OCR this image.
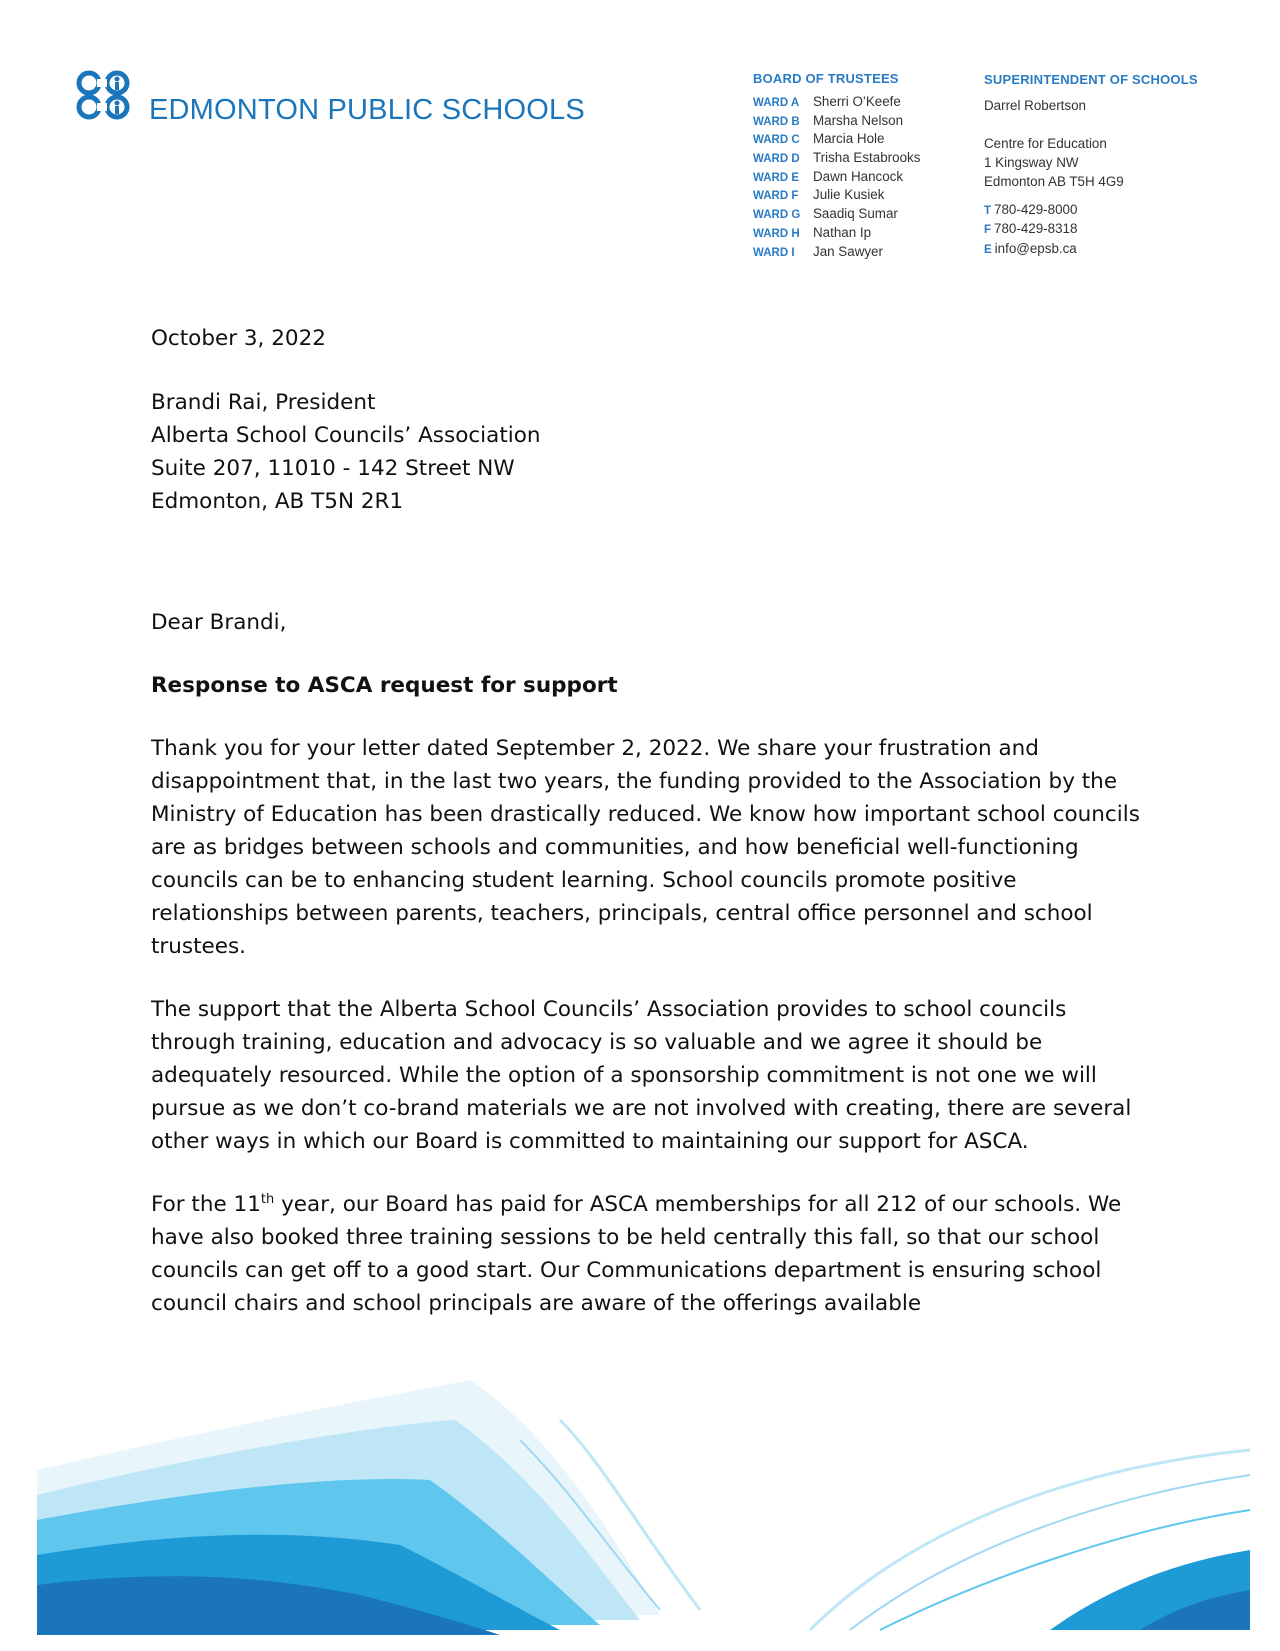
EDMONTON PUBLIC SCHOOLS
BOARD OF TRUSTEES
WARD A Sherri O’Keefe
WARD B Marsha Nelson
WARD C Marcia Hole
WARD D Trisha Estabrooks
WARD E Dawn Hancock
WARD F Julie Kusiek
WARD G Saadiq Sumar
WARD H Nathan Ip
WARD I Jan Sawyer
SUPERINTENDENT OF SCHOOLS
Darrel Robertson
Centre for Education
1 Kingsway NW
Edmonton AB T5H 4G9
T 780-429-8000
F 780-429-8318
E info@epsb.ca

October 3, 2022

Brandi Rai, President
Alberta School Councils’ Association
Suite 207, 11010 - 142 Street NW
Edmonton, AB T5N 2R1

Dear Brandi,

Response to ASCA request for support

Thank you for your letter dated September 2, 2022. We share your frustration and disappointment that, in the last two years, the funding provided to the Association by the Ministry of Education has been drastically reduced. We know how important school councils are as bridges between schools and communities, and how beneficial well-functioning councils can be to enhancing student learning. School councils promote positive relationships between parents, teachers, principals, central office personnel and school trustees.

The support that the Alberta School Councils’ Association provides to school councils through training, education and advocacy is so valuable and we agree it should be adequately resourced. While the option of a sponsorship commitment is not one we will pursue as we don’t co-brand materials we are not involved with creating, there are several other ways in which our Board is committed to maintaining our support for ASCA.

For the 11th year, our Board has paid for ASCA memberships for all 212 of our schools. We have also booked three training sessions to be held centrally this fall, so that our school councils can get off to a good start. Our Communications department is ensuring school council chairs and school principals are aware of the offerings available

epsb.ca
